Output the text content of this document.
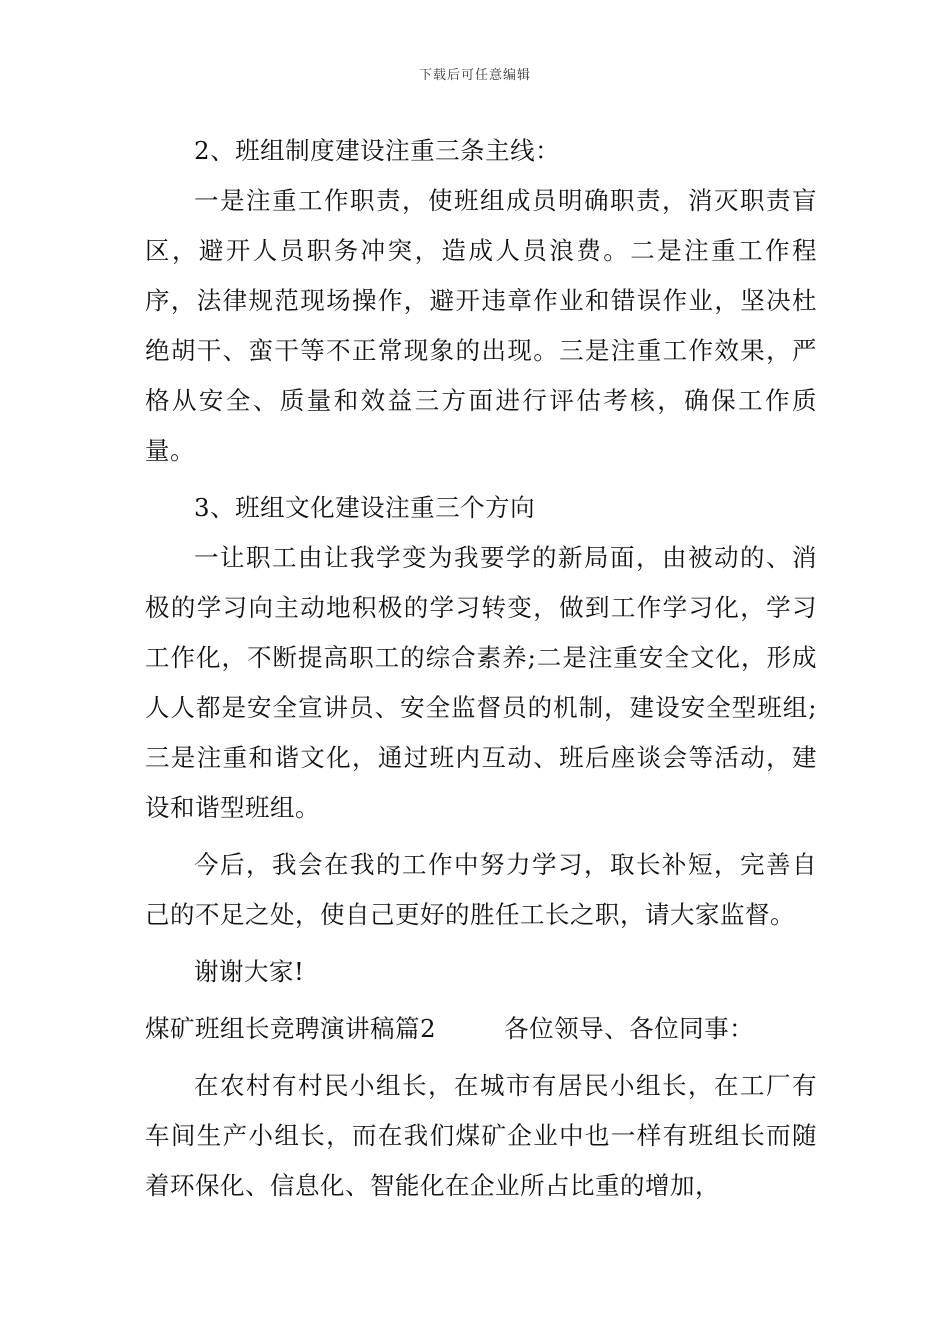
下载后可任意编辑

2、班组制度建设注重三条主线：

一是注重工作职责，使班组成员明确职责，消灭职责盲区，避开人员职务冲突，造成人员浪费。二是注重工作程序，法律规范现场操作，避开违章作业和错误作业，坚决杜绝胡干、蛮干等不正常现象的出现。三是注重工作效果，严格从安全、质量和效益三方面进行评估考核，确保工作质量。

3、班组文化建设注重三个方向

一让职工由让我学变为我要学的新局面，由被动的、消极的学习向主动地积极的学习转变，做到工作学习化，学习工作化，不断提高职工的综合素养;二是注重安全文化，形成人人都是安全宣讲员、安全监督员的机制，建设安全型班组;三是注重和谐文化，通过班内互动、班后座谈会等活动，建设和谐型班组。

今后，我会在我的工作中努力学习，取长补短，完善自己的不足之处，使自己更好的胜任工长之职，请大家监督。

谢谢大家!

煤矿班组长竞聘演讲稿篇2	各位领导、各位同事：

在农村有村民小组长，在城市有居民小组长，在工厂有车间生产小组长，而在我们煤矿企业中也一样有班组长而随着环保化、信息化、智能化在企业所占比重的增加，
